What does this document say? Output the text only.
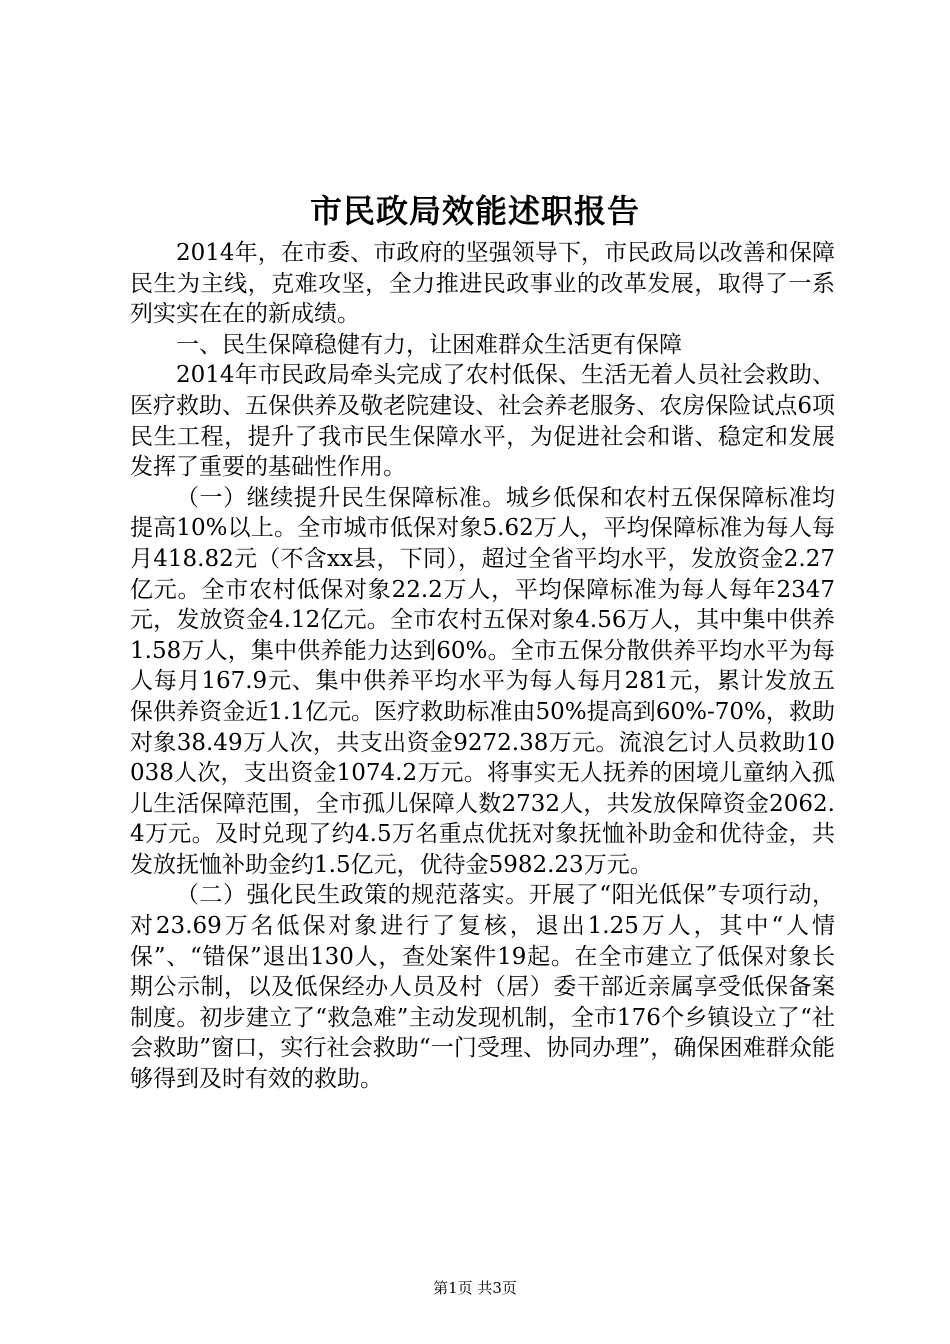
市民政局效能述职报告

2014年，在市委、市政府的坚强领导下，市民政局以改善和保障民生为主线，克难攻坚，全力推进民政事业的改革发展，取得了一系列实实在在的新成绩。

一、民生保障稳健有力，让困难群众生活更有保障

2014年市民政局牵头完成了农村低保、生活无着人员社会救助、医疗救助、五保供养及敬老院建设、社会养老服务、农房保险试点6项民生工程，提升了我市民生保障水平，为促进社会和谐、稳定和发展发挥了重要的基础性作用。

（一）继续提升民生保障标准。城乡低保和农村五保保障标准均提高10%以上。全市城市低保对象5.62万人，平均保障标准为每人每月418.82元（不含xx县，下同），超过全省平均水平，发放资金2.27亿元。全市农村低保对象22.2万人，平均保障标准为每人每年2347元，发放资金4.12亿元。全市农村五保对象4.56万人，其中集中供养1.58万人，集中供养能力达到60%。全市五保分散供养平均水平为每人每月167.9元、集中供养平均水平为每人每月281元，累计发放五保供养资金近1.1亿元。医疗救助标准由50%提高到60%-70%，救助对象38.49万人次，共支出资金9272.38万元。流浪乞讨人员救助10038人次，支出资金1074.2万元。将事实无人抚养的困境儿童纳入孤儿生活保障范围，全市孤儿保障人数2732人，共发放保障资金2062.4万元。及时兑现了约4.5万名重点优抚对象抚恤补助金和优待金，共发放抚恤补助金约1.5亿元，优待金5982.23万元。

（二）强化民生政策的规范落实。开展了“阳光低保”专项行动，对23.69万名低保对象进行了复核，退出1.25万人，其中“人情保”、“错保”退出130人，查处案件19起。在全市建立了低保对象长期公示制，以及低保经办人员及村（居）委干部近亲属享受低保备案制度。初步建立了“救急难”主动发现机制，全市176个乡镇设立了“社会救助”窗口，实行社会救助“一门受理、协同办理”，确保困难群众能够得到及时有效的救助。

第1页 共3页
